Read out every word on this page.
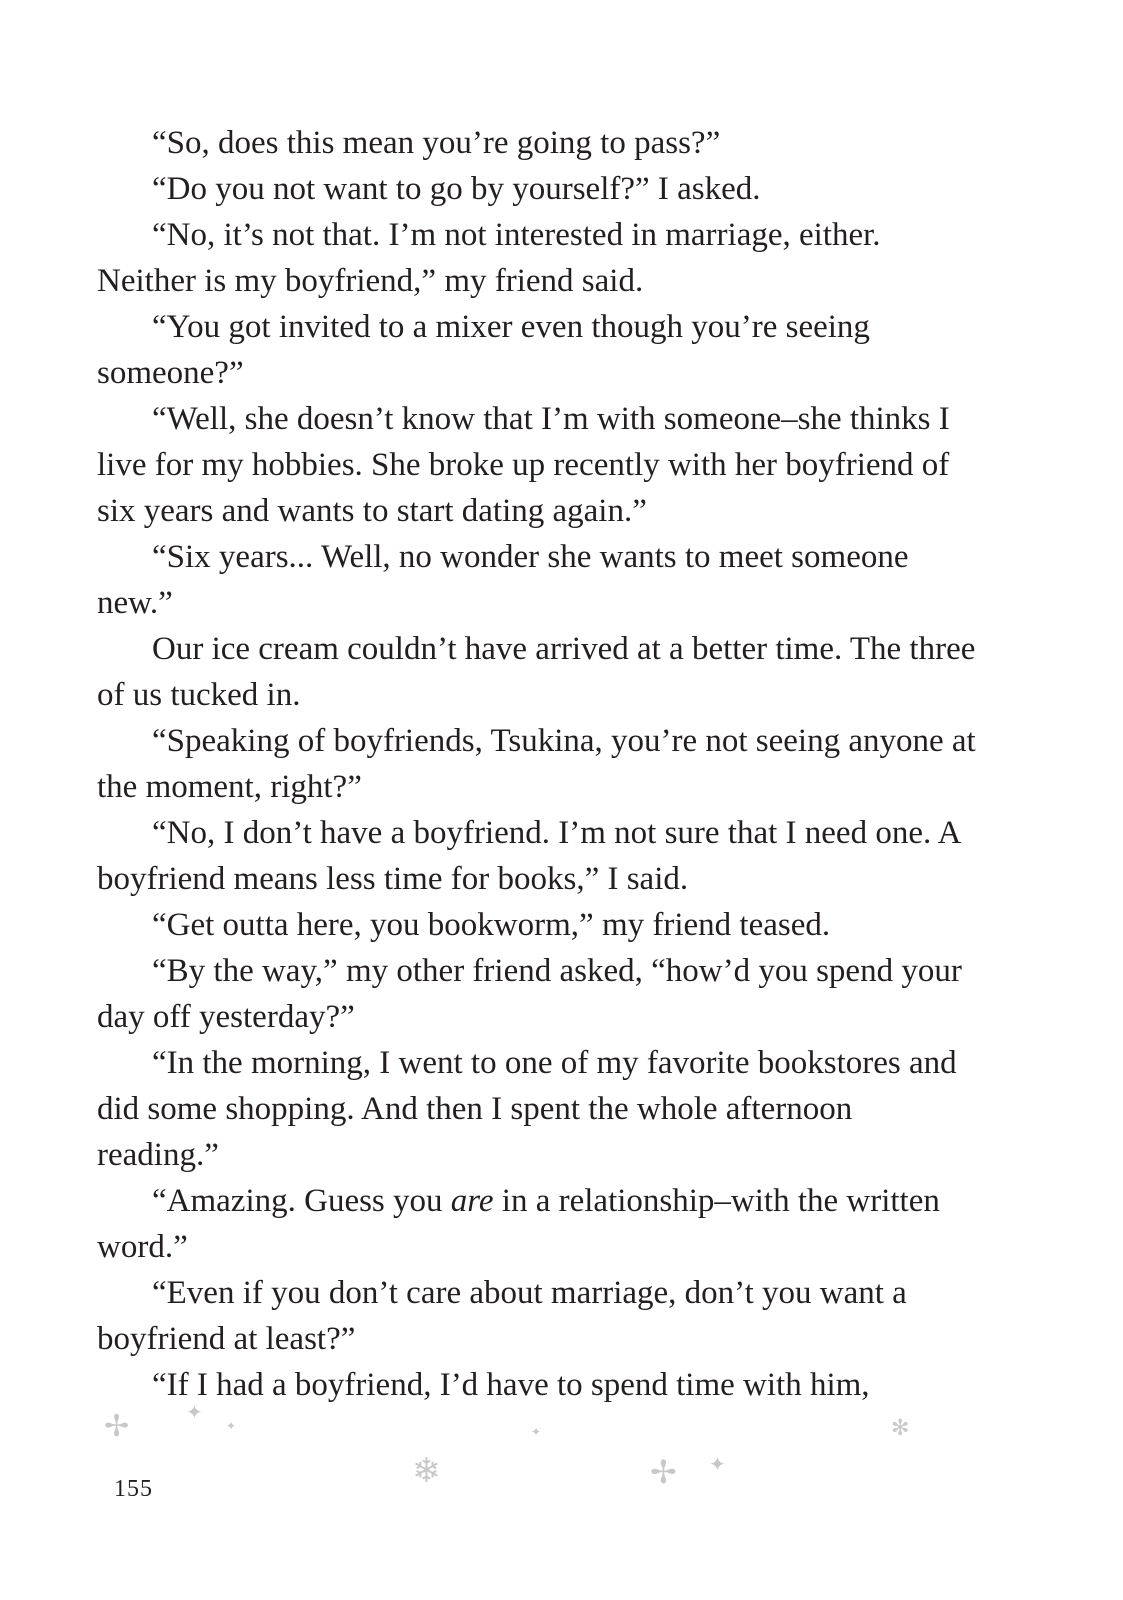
“So, does this mean you’re going to pass?”

“Do you not want to go by yourself?” I asked.

“No, it’s not that. I’m not interested in marriage, either. Neither is my boyfriend,” my friend said.

“You got invited to a mixer even though you’re seeing someone?”

“Well, she doesn’t know that I’m with someone–she thinks I live for my hobbies. She broke up recently with her boyfriend of six years and wants to start dating again.”

“Six years... Well, no wonder she wants to meet someone new.”

Our ice cream couldn’t have arrived at a better time. The three of us tucked in.

“Speaking of boyfriends, Tsukina, you’re not seeing anyone at the moment, right?”

“No, I don’t have a boyfriend. I’m not sure that I need one. A boyfriend means less time for books,” I said.

“Get outta here, you bookworm,” my friend teased.

“By the way,” my other friend asked, “how’d you spend your day off yesterday?”

“In the morning, I went to one of my favorite bookstores and did some shopping. And then I spent the whole afternoon reading.”

“Amazing. Guess you are in a relationship–with the written word.”

“Even if you don’t care about marriage, don’t you want a boyfriend at least?”

“If I had a boyfriend, I’d have to spend time with him,

✢	✦
✦	✦	✻
❄	✢ ✦
155
